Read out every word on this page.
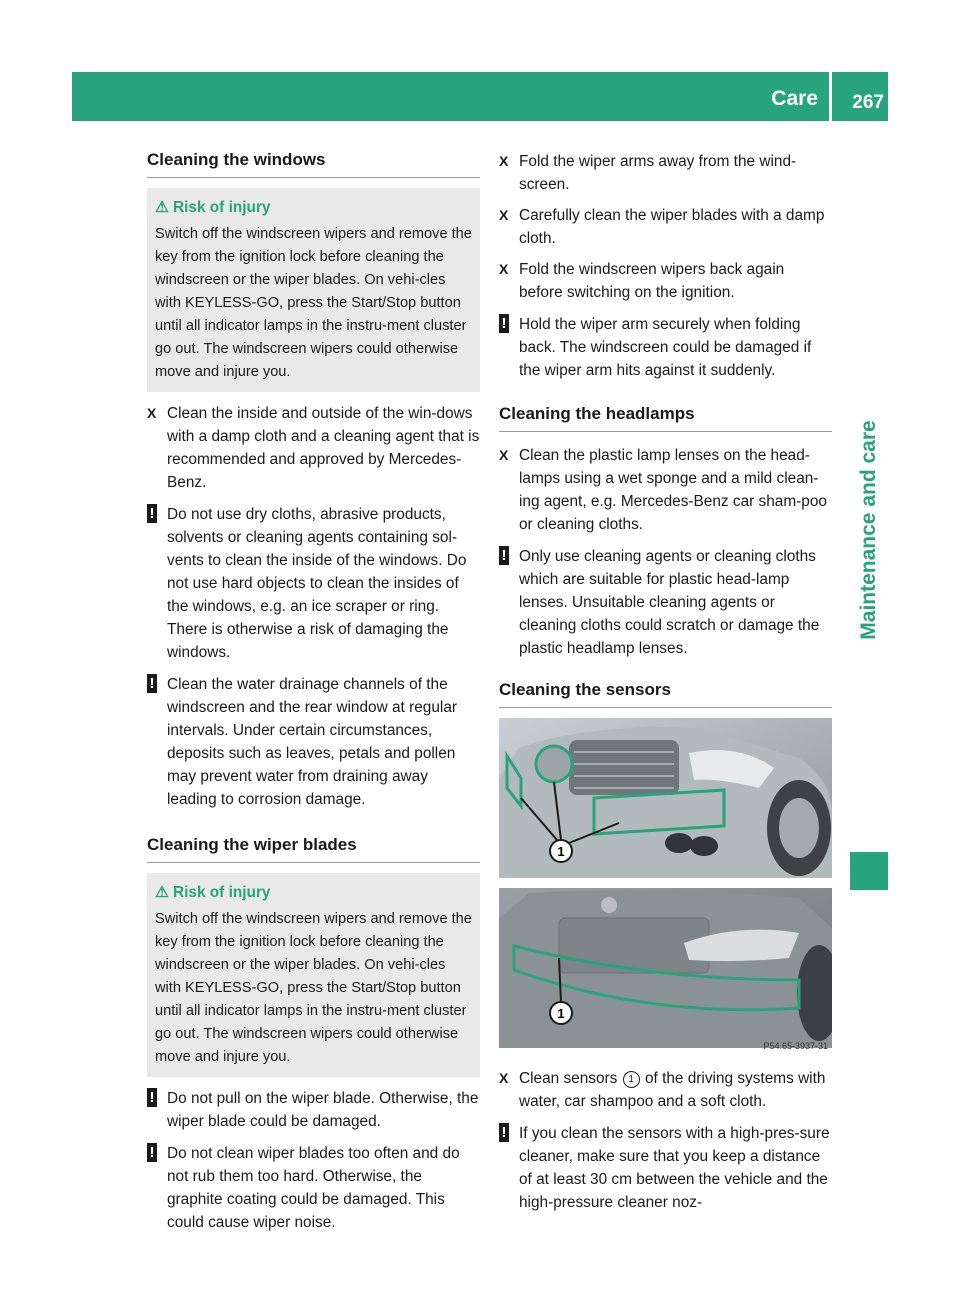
Care 267
Maintenance and care
Cleaning the windows
⚠ Risk of injury

Switch off the windscreen wipers and remove the key from the ignition lock before cleaning the windscreen or the wiper blades. On vehi-cles with KEYLESS-GO, press the Start/Stop button until all indicator lamps in the instru-ment cluster go out. The windscreen wipers could otherwise move and injure you.

X Clean the inside and outside of the win-dows with a damp cloth and a cleaning agent that is recommended and approved by Mercedes-Benz.

! Do not use dry cloths, abrasive products, solvents or cleaning agents containing sol-vents to clean the inside of the windows. Do not use hard objects to clean the insides of the windows, e.g. an ice scraper or ring. There is otherwise a risk of damaging the windows.

! Clean the water drainage channels of the windscreen and the rear window at regular intervals. Under certain circumstances, deposits such as leaves, petals and pollen may prevent water from draining away leading to corrosion damage.

Cleaning the wiper blades
⚠ Risk of injury

Switch off the windscreen wipers and remove the key from the ignition lock before cleaning the windscreen or the wiper blades. On vehi-cles with KEYLESS-GO, press the Start/Stop button until all indicator lamps in the instru-ment cluster go out. The windscreen wipers could otherwise move and injure you.

! Do not pull on the wiper blade. Otherwise, the wiper blade could be damaged.

! Do not clean wiper blades too often and do not rub them too hard. Otherwise, the graphite coating could be damaged. This could cause wiper noise.

X Fold the wiper arms away from the wind-screen.

X Carefully clean the wiper blades with a damp cloth.

X Fold the windscreen wipers back again before switching on the ignition.

! Hold the wiper arm securely when folding back. The windscreen could be damaged if the wiper arm hits against it suddenly.

Cleaning the headlamps

X Clean the plastic lamp lenses on the head-lamps using a wet sponge and a mild clean-ing agent, e.g. Mercedes-Benz car sham-poo or cleaning cloths.

! Only use cleaning agents or cleaning cloths which are suitable for plastic head-lamp lenses. Unsuitable cleaning agents or cleaning cloths could scratch or damage the plastic headlamp lenses.

Cleaning the sensors
1
1
P54.65-3937-31

X Clean sensors 1 of the driving systems with water, car shampoo and a soft cloth.

! If you clean the sensors with a high-pres-sure cleaner, make sure that you keep a distance of at least 30 cm between the vehicle and the high-pressure cleaner noz-
